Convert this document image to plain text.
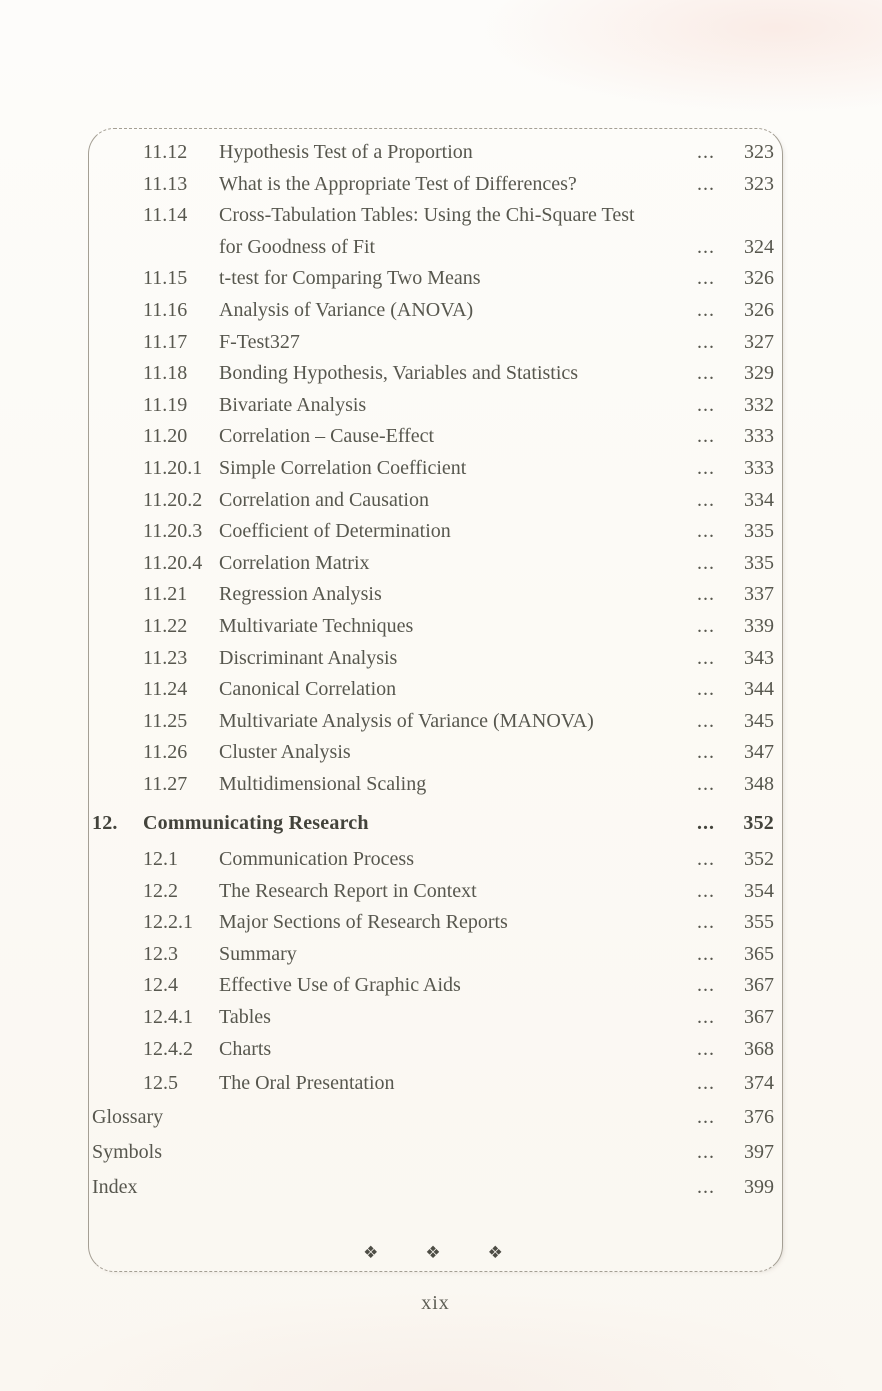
11.12	Hypothesis Test of a Proportion	...	323
11.13	What is the Appropriate Test of Differences?	...	323
11.14	Cross-Tabulation Tables: Using the Chi-Square Test
for Goodness of Fit	...	324
11.15	t-test for Comparing Two Means	...	326
11.16	Analysis of Variance (ANOVA)	...	326
11.17	F-Test327	...	327
11.18	Bonding Hypothesis, Variables and Statistics	...	329
11.19	Bivariate Analysis	...	332
11.20	Correlation – Cause-Effect	...	333
11.20.1 Simple Correlation Coefficient	...	333
11.20.2 Correlation and Causation	...	334
11.20.3 Coefficient of Determination	...	335
11.20.4 Correlation Matrix	...	335
11.21	Regression Analysis	...	337
11.22	Multivariate Techniques	...	339
11.23	Discriminant Analysis	...	343
11.24	Canonical Correlation	...	344
11.25	Multivariate Analysis of Variance (MANOVA)	...	345
11.26	Cluster Analysis	...	347
11.27	Multidimensional Scaling	...	348
12.	Communicating Research	...	352
12.1	Communication Process	...	352
12.2	The Research Report in Context	...	354
12.2.1	Major Sections of Research Reports	...	355
12.3	Summary	...	365
12.4	Effective Use of Graphic Aids	...	367
12.4.1	Tables	...	367
12.4.2	Charts	...	368
12.5	The Oral Presentation	...	374
Glossary	...	376
Symbols	...	397
Index	...	399
❖	❖	❖
xix
